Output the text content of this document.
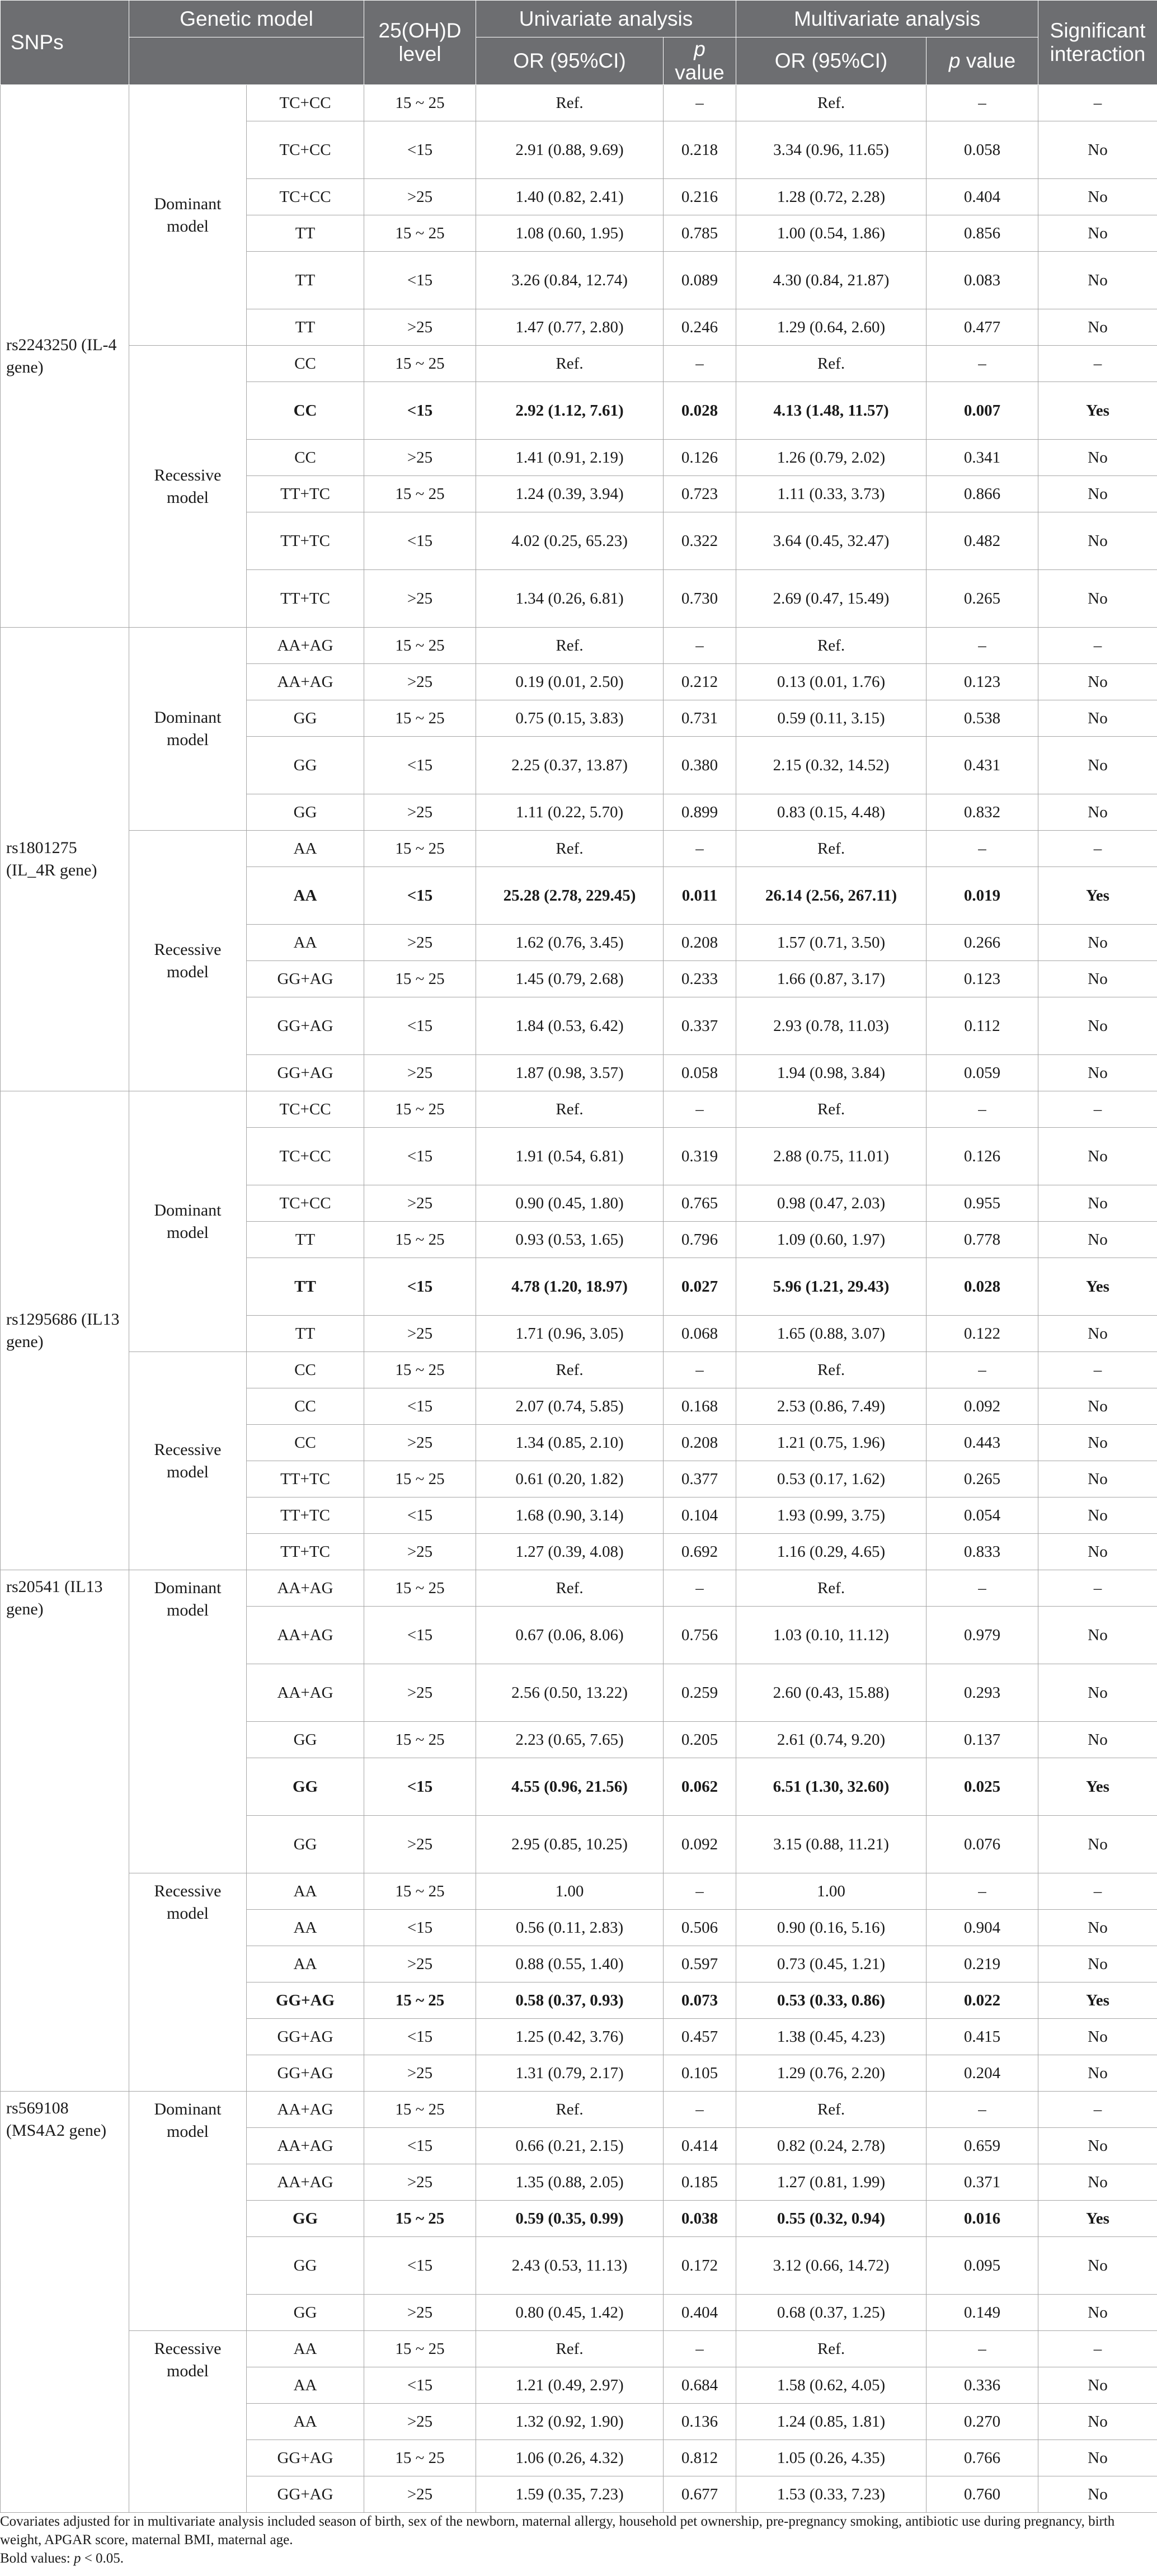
SNPs	Genetic model		25(OH)D level	Univariate analysis		Multivariate analysis		Significant interaction
				OR (95%CI)	p value	OR (95%CI)	p value	
rs2243250 (IL-4 gene)	Dominant model	TC+CC	15 ~ 25	Ref.	–	Ref.	–	–
		TC+CC	<15	2.91 (0.88, 9.69)	0.218	3.34 (0.96, 11.65)	0.058	No
		TC+CC	>25	1.40 (0.82, 2.41)	0.216	1.28 (0.72, 2.28)	0.404	No
		TT	15 ~ 25	1.08 (0.60, 1.95)	0.785	1.00 (0.54, 1.86)	0.856	No
		TT	<15	3.26 (0.84, 12.74)	0.089	4.30 (0.84, 21.87)	0.083	No
		TT	>25	1.47 (0.77, 2.80)	0.246	1.29 (0.64, 2.60)	0.477	No
	Recessive model	CC	15 ~ 25	Ref.	–	Ref.	–	–
		CC	<15	2.92 (1.12, 7.61)	0.028	4.13 (1.48, 11.57)	0.007	Yes
		CC	>25	1.41 (0.91, 2.19)	0.126	1.26 (0.79, 2.02)	0.341	No
		TT+TC	15 ~ 25	1.24 (0.39, 3.94)	0.723	1.11 (0.33, 3.73)	0.866	No
		TT+TC	<15	4.02 (0.25, 65.23)	0.322	3.64 (0.45, 32.47)	0.482	No
		TT+TC	>25	1.34 (0.26, 6.81)	0.730	2.69 (0.47, 15.49)	0.265	No
rs1801275 (IL_4R gene)	Dominant model	AA+AG	15 ~ 25	Ref.	–	Ref.	–	–
		AA+AG	>25	0.19 (0.01, 2.50)	0.212	0.13 (0.01, 1.76)	0.123	No
		GG	15 ~ 25	0.75 (0.15, 3.83)	0.731	0.59 (0.11, 3.15)	0.538	No
		GG	<15	2.25 (0.37, 13.87)	0.380	2.15 (0.32, 14.52)	0.431	No
		GG	>25	1.11 (0.22, 5.70)	0.899	0.83 (0.15, 4.48)	0.832	No
	Recessive model	AA	15 ~ 25	Ref.	–	Ref.	–	–
		AA	<15	25.28 (2.78, 229.45)	0.011	26.14 (2.56, 267.11)	0.019	Yes
		AA	>25	1.62 (0.76, 3.45)	0.208	1.57 (0.71, 3.50)	0.266	No
		GG+AG	15 ~ 25	1.45 (0.79, 2.68)	0.233	1.66 (0.87, 3.17)	0.123	No
		GG+AG	<15	1.84 (0.53, 6.42)	0.337	2.93 (0.78, 11.03)	0.112	No
		GG+AG	>25	1.87 (0.98, 3.57)	0.058	1.94 (0.98, 3.84)	0.059	No
rs1295686 (IL13 gene)	Dominant model	TC+CC	15 ~ 25	Ref.	–	Ref.	–	–
		TC+CC	<15	1.91 (0.54, 6.81)	0.319	2.88 (0.75, 11.01)	0.126	No
		TC+CC	>25	0.90 (0.45, 1.80)	0.765	0.98 (0.47, 2.03)	0.955	No
		TT	15 ~ 25	0.93 (0.53, 1.65)	0.796	1.09 (0.60, 1.97)	0.778	No
		TT	<15	4.78 (1.20, 18.97)	0.027	5.96 (1.21, 29.43)	0.028	Yes
		TT	>25	1.71 (0.96, 3.05)	0.068	1.65 (0.88, 3.07)	0.122	No
	Recessive model	CC	15 ~ 25	Ref.	–	Ref.	–	–
		CC	<15	2.07 (0.74, 5.85)	0.168	2.53 (0.86, 7.49)	0.092	No
		CC	>25	1.34 (0.85, 2.10)	0.208	1.21 (0.75, 1.96)	0.443	No
		TT+TC	15 ~ 25	0.61 (0.20, 1.82)	0.377	0.53 (0.17, 1.62)	0.265	No
		TT+TC	<15	1.68 (0.90, 3.14)	0.104	1.93 (0.99, 3.75)	0.054	No
		TT+TC	>25	1.27 (0.39, 4.08)	0.692	1.16 (0.29, 4.65)	0.833	No
rs20541 (IL13 gene)	Dominant model	AA+AG	15 ~ 25	Ref.	–	Ref.	–	–
		AA+AG	<15	0.67 (0.06, 8.06)	0.756	1.03 (0.10, 11.12)	0.979	No
		AA+AG	>25	2.56 (0.50, 13.22)	0.259	2.60 (0.43, 15.88)	0.293	No
		GG	15 ~ 25	2.23 (0.65, 7.65)	0.205	2.61 (0.74, 9.20)	0.137	No
		GG	<15	4.55 (0.96, 21.56)	0.062	6.51 (1.30, 32.60)	0.025	Yes
		GG	>25	2.95 (0.85, 10.25)	0.092	3.15 (0.88, 11.21)	0.076	No
	Recessive model	AA	15 ~ 25	1.00	–	1.00	–	–
		AA	<15	0.56 (0.11, 2.83)	0.506	0.90 (0.16, 5.16)	0.904	No
		AA	>25	0.88 (0.55, 1.40)	0.597	0.73 (0.45, 1.21)	0.219	No
		GG+AG	15 ~ 25	0.58 (0.37, 0.93)	0.073	0.53 (0.33, 0.86)	0.022	Yes
		GG+AG	<15	1.25 (0.42, 3.76)	0.457	1.38 (0.45, 4.23)	0.415	No
		GG+AG	>25	1.31 (0.79, 2.17)	0.105	1.29 (0.76, 2.20)	0.204	No
rs569108 (MS4A2 gene)	Dominant model	AA+AG	15 ~ 25	Ref.	–	Ref.	–	–
		AA+AG	<15	0.66 (0.21, 2.15)	0.414	0.82 (0.24, 2.78)	0.659	No
		AA+AG	>25	1.35 (0.88, 2.05)	0.185	1.27 (0.81, 1.99)	0.371	No
		GG	15 ~ 25	0.59 (0.35, 0.99)	0.038	0.55 (0.32, 0.94)	0.016	Yes
		GG	<15	2.43 (0.53, 11.13)	0.172	3.12 (0.66, 14.72)	0.095	No
		GG	>25	0.80 (0.45, 1.42)	0.404	0.68 (0.37, 1.25)	0.149	No
	Recessive model	AA	15 ~ 25	Ref.	–	Ref.	–	–
		AA	<15	1.21 (0.49, 2.97)	0.684	1.58 (0.62, 4.05)	0.336	No
		AA	>25	1.32 (0.92, 1.90)	0.136	1.24 (0.85, 1.81)	0.270	No
		GG+AG	15 ~ 25	1.06 (0.26, 4.32)	0.812	1.05 (0.26, 4.35)	0.766	No
		GG+AG	>25	1.59 (0.35, 7.23)	0.677	1.53 (0.33, 7.23)	0.760	No

Covariates adjusted for in multivariate analysis included season of birth, sex of the newborn, maternal allergy, household pet ownership, pre-pregnancy smoking, antibiotic use during pregnancy, birth weight, APGAR score, maternal BMI, maternal age.

Bold values: p < 0.05.
